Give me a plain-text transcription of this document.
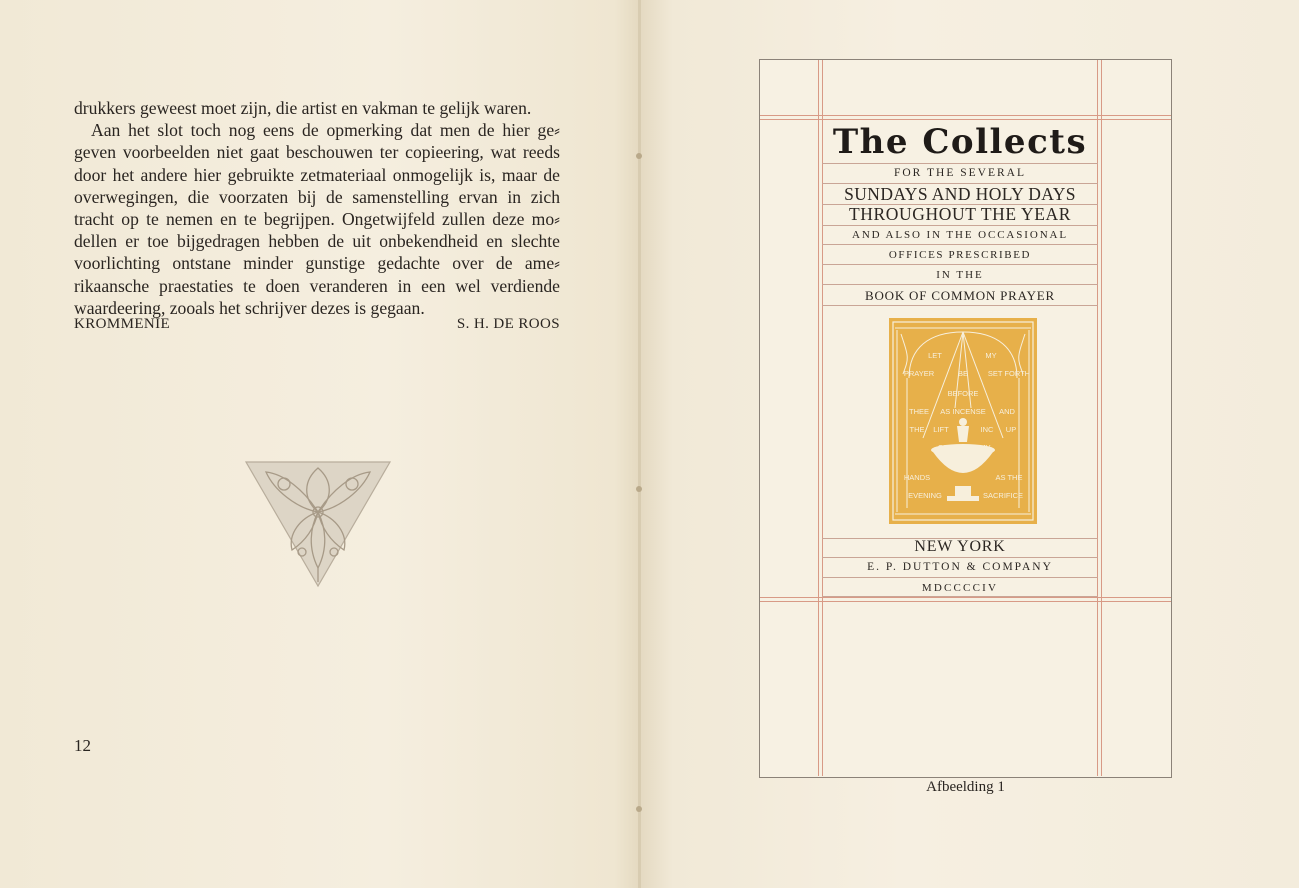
drukkers geweest moet zijn, die artist en vakman te gelijk waren.

Aan het slot toch nog eens de opmerking dat men de hier ge⸗ geven voorbeelden niet gaat beschouwen ter copieering, wat reeds door het andere hier gebruikte zetmateriaal onmogelijk is, maar de overwegingen, die voorzaten bij de samenstelling ervan in zich tracht op te nemen en te begrijpen. Ongetwijfeld zullen deze mo⸗ dellen er toe bijgedragen hebben de uit onbekendheid en slechte voorlichting ontstane minder gunstige gedachte over de ame⸗ rikaansche praestaties te doen veranderen in een wel verdiende waardeering, zooals het schrijver dezes is gegaan.

KROMMENIE	S. H. DE ROOS
12
The Collects
FOR THE SEVERAL
SUNDAYS AND HOLY DAYS
THROUGHOUT THE YEAR
AND ALSO IN THE OCCASIONAL
OFFICES PRESCRIBED
IN THE
BOOK OF COMMON PRAYER
LET	MY
PRAYER	BE	SET FORTH
BEFORE
THEE AS INCENSE AND
THE LIFT	INC UP
OF	MY
HANDS	AS THE
EVENING	SACRIFICE
NEW YORK
E. P. DUTTON & COMPANY
MDCCCCIV
Afbeelding 1
